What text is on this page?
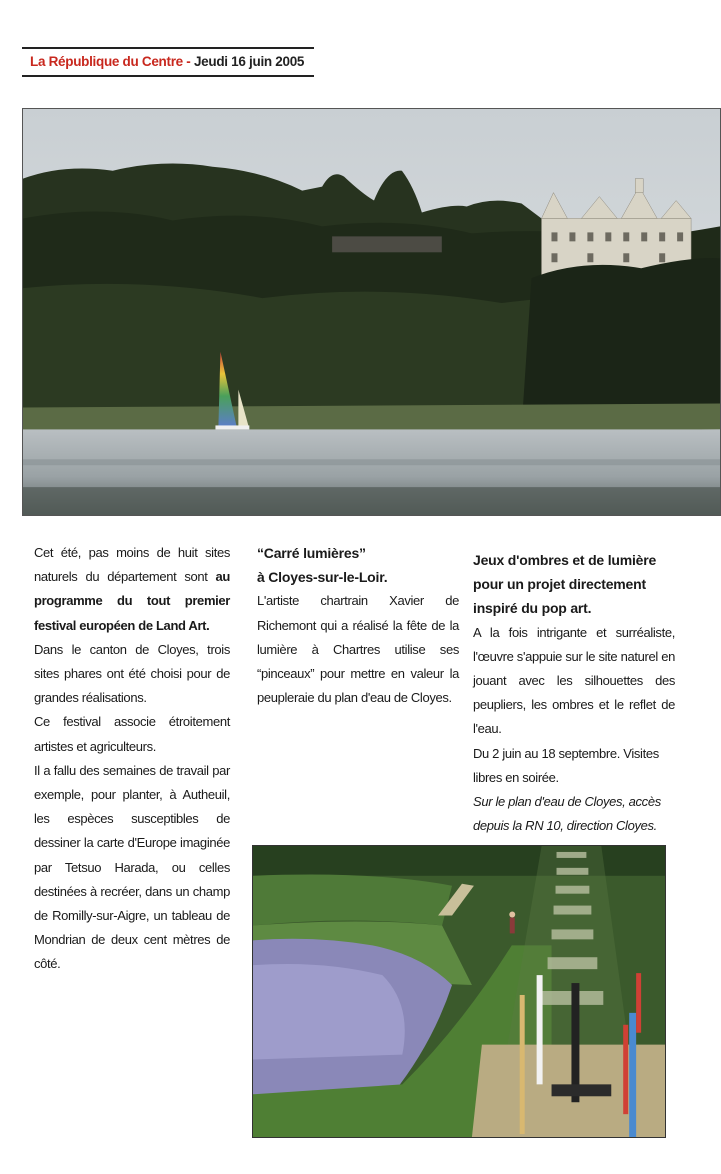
La République du Centre - Jeudi 16 juin 2005

Cet été, pas moins de huit sites naturels du département sont au programme du tout premier festival européen de Land Art.

Dans le canton de Cloyes, trois sites phares ont été choisi pour de grandes réalisations.

Ce festival associe étroitement artistes et agriculteurs.

Il a fallu des semaines de travail par exemple, pour planter, à Autheuil, les espèces susceptibles de dessiner la carte d'Europe imaginée par Tetsuo Harada, ou celles destinées à recréer, dans un champ de Romilly-sur-Aigre, un tableau de Mondrian de deux cent mètres de côté.

“Carré lumières”

à Cloyes-sur-le-Loir.

L'artiste chartrain Xavier de Richemont qui a réalisé la fête de la lumière à Chartres utilise ses “pinceaux” pour mettre en valeur la peupleraie du plan d'eau de Cloyes.

Jeux d'ombres et de lumière pour un projet directement inspiré du pop art.

A la fois intrigante et surréaliste, l'œuvre s'appuie sur le site naturel en jouant avec les silhouettes des peupliers, les ombres et le reflet de l'eau.

Du 2 juin au 18 septembre. Visites libres en soirée.

Sur le plan d'eau de Cloyes, accès depuis la RN 10, direction Cloyes.
